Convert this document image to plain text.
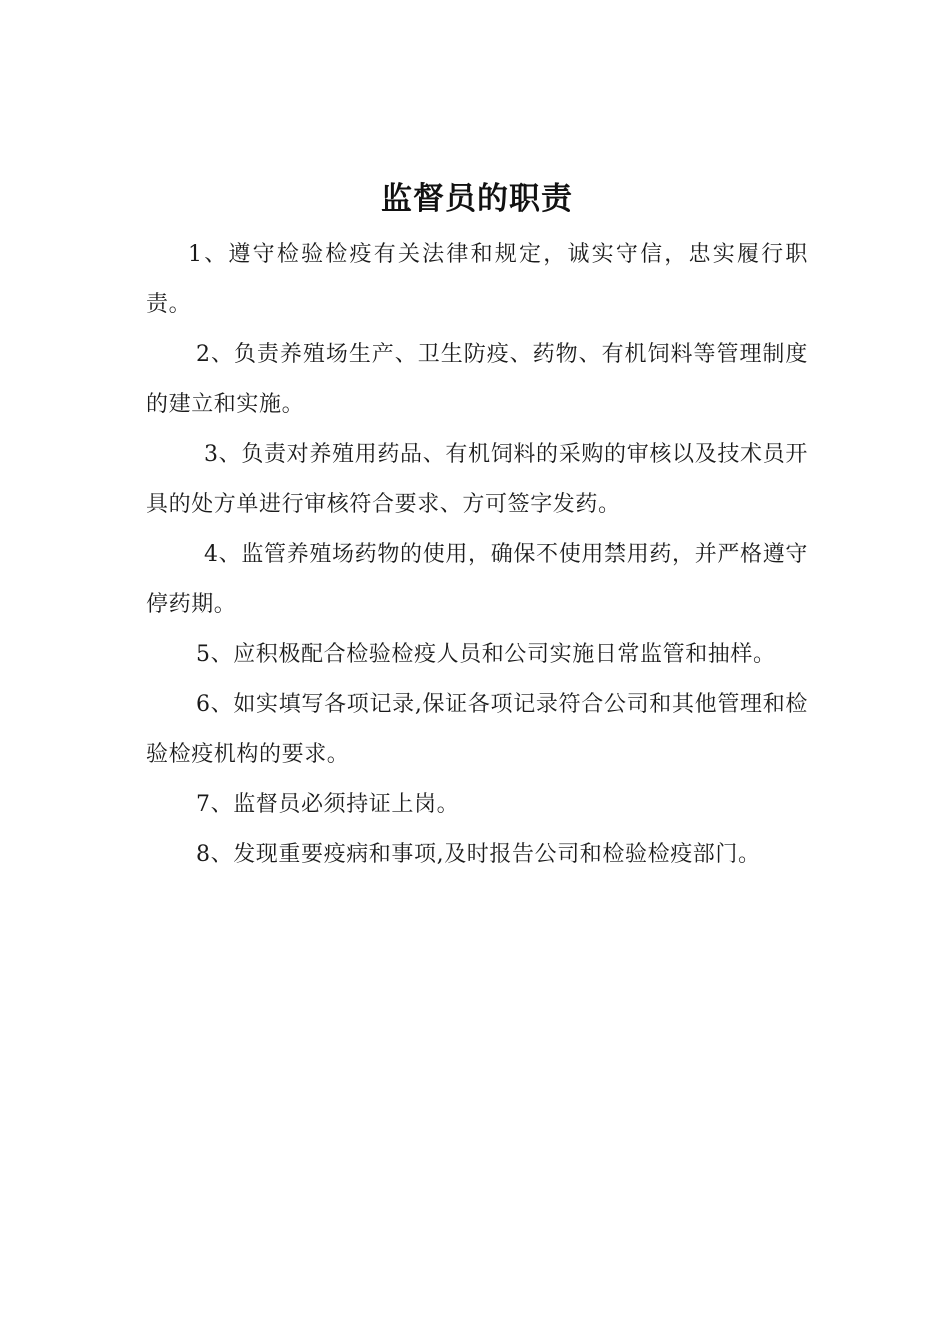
监督员的职责

1、遵守检验检疫有关法律和规定，诚实守信，忠实履行职责。

2、负责养殖场生产、卫生防疫、药物、有机饲料等管理制度的建立和实施。

3、负责对养殖用药品、有机饲料的采购的审核以及技术员开具的处方单进行审核符合要求、方可签字发药。

4、监管养殖场药物的使用，确保不使用禁用药，并严格遵守停药期。

5、应积极配合检验检疫人员和公司实施日常监管和抽样。

6、如实填写各项记录,保证各项记录符合公司和其他管理和检验检疫机构的要求。

7、监督员必须持证上岗。

8、发现重要疫病和事项,及时报告公司和检验检疫部门。
